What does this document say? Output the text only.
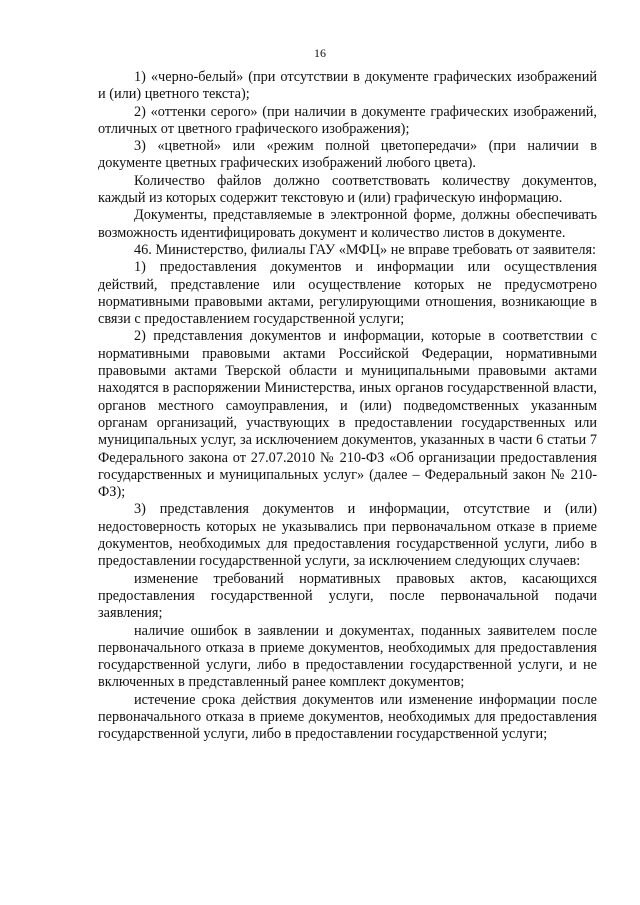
16

1) «черно-белый» (при отсутствии в документе графических изображений и (или) цветного текста);

2) «оттенки серого» (при наличии в документе графических изображений, отличных от цветного графического изображения);

3) «цветной» или «режим полной цветопередачи» (при наличии в документе цветных графических изображений любого цвета).

Количество файлов должно соответствовать количеству документов, каждый из которых содержит текстовую и (или) графическую информацию.

Документы, представляемые в электронной форме, должны обеспечивать возможность идентифицировать документ и количество листов в документе.

46. Министерство, филиалы ГАУ «МФЦ» не вправе требовать от заявителя:

1) предоставления документов и информации или осуществления действий, представление или осуществление которых не предусмотрено нормативными правовыми актами, регулирующими отношения, возникающие в связи с предоставлением государственной услуги;

2) представления документов и информации, которые в соответствии с нормативными правовыми актами Российской Федерации, нормативными правовыми актами Тверской области и муниципальными правовыми актами находятся в распоряжении Министерства, иных органов государственной власти, органов местного самоуправления, и (или) подведомственных указанным органам организаций, участвующих в предоставлении государственных или муниципальных услуг, за исключением документов, указанных в части 6 статьи 7 Федерального закона от 27.07.2010 № 210-ФЗ «Об организации предоставления государственных и муниципальных услуг» (далее – Федеральный закон № 210-ФЗ);

3) представления документов и информации, отсутствие и (или) недостоверность которых не указывались при первоначальном отказе в приеме документов, необходимых для предоставления государственной услуги, либо в предоставлении государственной услуги, за исключением следующих случаев:

изменение требований нормативных правовых актов, касающихся предоставления государственной услуги, после первоначальной подачи заявления;

наличие ошибок в заявлении и документах, поданных заявителем после первоначального отказа в приеме документов, необходимых для предоставления государственной услуги, либо в предоставлении государственной услуги, и не включенных в представленный ранее комплект документов;

истечение срока действия документов или изменение информации после первоначального отказа в приеме документов, необходимых для предоставления государственной услуги, либо в предоставлении государственной услуги;
